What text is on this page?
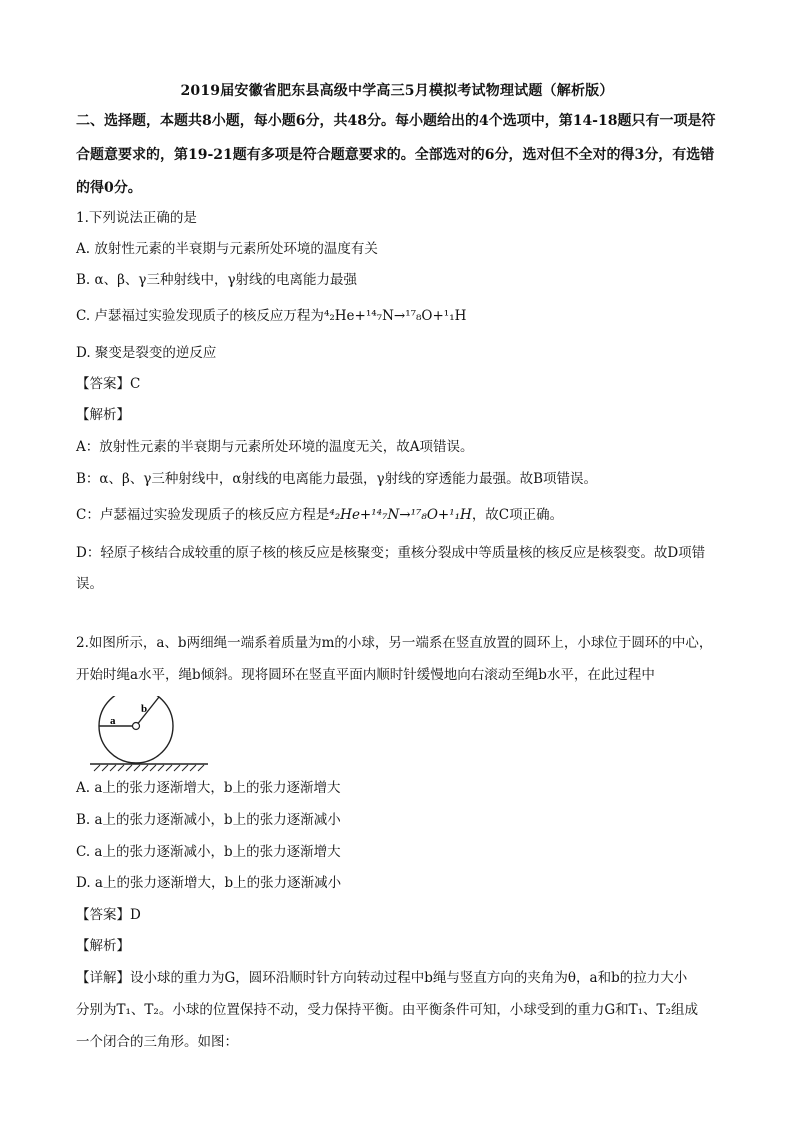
2019届安徽省肥东县高级中学高三5月模拟考试物理试题（解析版）
二、选择题，本题共8小题，每小题6分，共48分。每小题给出的4个选项中，第14-18题只有一项是符
合题意要求的，第19-21题有多项是符合题意要求的。全部选对的6分，选对但不全对的得3分，有选错
的得0分。
1.下列说法正确的是
A. 放射性元素的半衰期与元素所处环境的温度有关
B. α、β、γ三种射线中，γ射线的电离能力最强
C. 卢瑟福过实验发现质子的核反应万程为⁴₂He+¹⁴₇N→¹⁷₈O+¹₁H
D. 聚变是裂变的逆反应
【答案】C
【解析】
A：放射性元素的半衰期与元素所处环境的温度无关，故A项错误。
B：α、β、γ三种射线中，α射线的电离能力最强，γ射线的穿透能力最强。故B项错误。
C：卢瑟福过实验发现质子的核反应方程是⁴₂He+¹⁴₇N→¹⁷₈O+¹₁H，故C项正确。
D：轻原子核结合成较重的原子核的核反应是核聚变；重核分裂成中等质量核的核反应是核裂变。故D项错
误。
2.如图所示，a、b两细绳一端系着质量为m的小球，另一端系在竖直放置的圆环上，小球位于圆环的中心，
开始时绳a水平，绳b倾斜。现将圆环在竖直平面内顺时针缓慢地向右滚动至绳b水平，在此过程中
a
b
A. a上的张力逐渐增大，b上的张力逐渐增大
B. a上的张力逐渐减小，b上的张力逐渐减小
C. a上的张力逐渐减小，b上的张力逐渐增大
D. a上的张力逐渐增大，b上的张力逐渐减小
【答案】D
【解析】
【详解】设小球的重力为G，圆环沿顺时针方向转动过程中b绳与竖直方向的夹角为θ，a和b的拉力大小
分别为T₁、T₂。小球的位置保持不动，受力保持平衡。由平衡条件可知，小球受到的重力G和T₁、T₂组成
一个闭合的三角形。如图：
